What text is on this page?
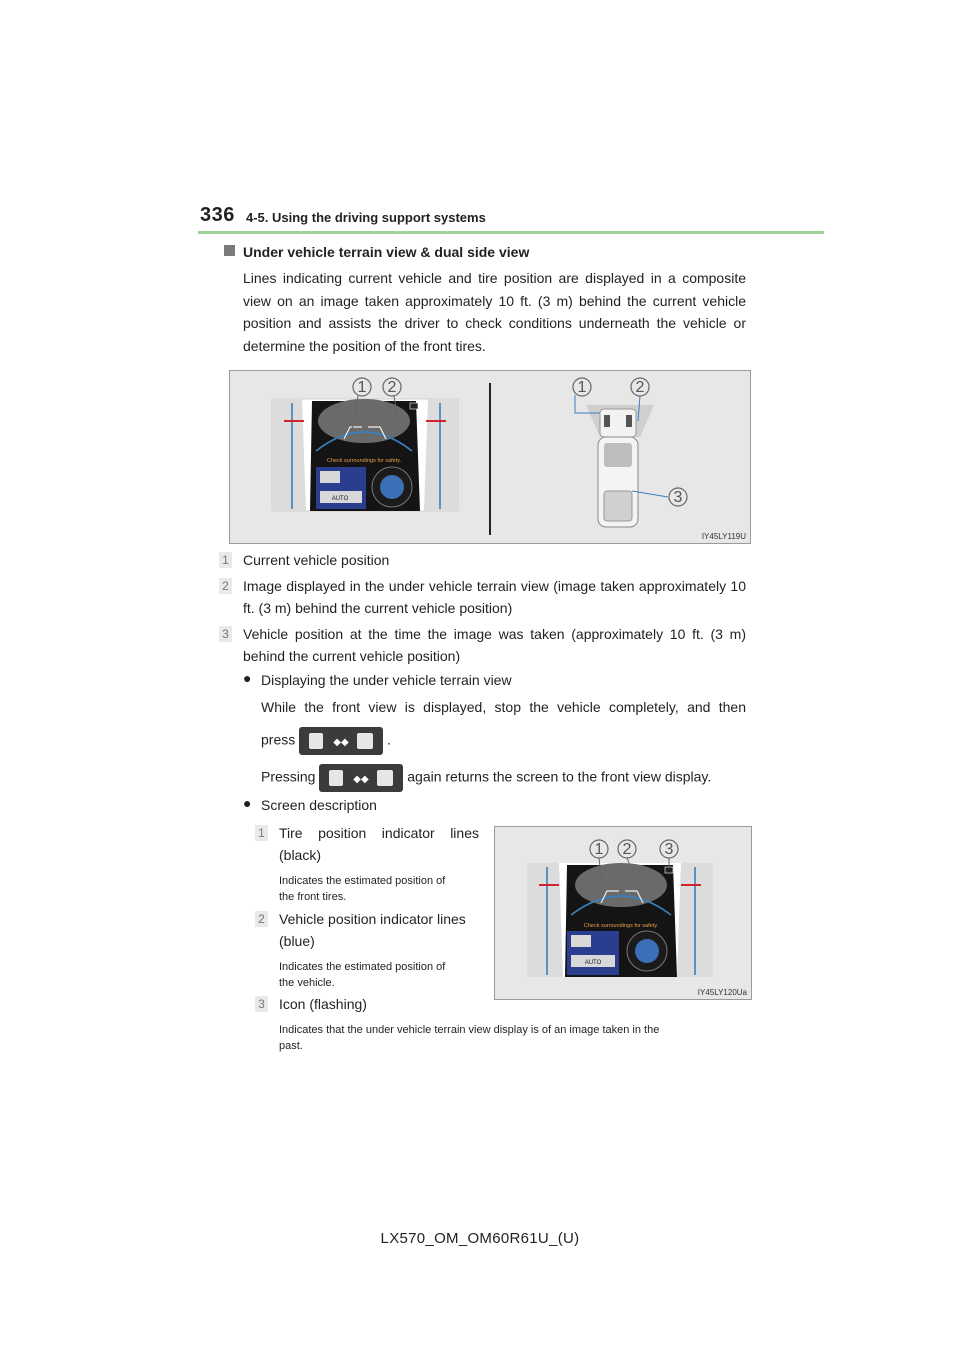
336 4-5. Using the driving support systems
Under vehicle terrain view & dual side view
Lines indicating current vehicle and tire position are displayed in a composite view on an image taken approximately 10 ft. (3 m) behind the current vehicle position and assists the driver to check conditions underneath the vehicle or determine the position of the front tires.
Check surroundings for safety.
AUTO
1 2	1	2
3
IY45LY119U
1 Current vehicle position
2 Image displayed in the under vehicle terrain view (image taken approximately 10 ft. (3 m) behind the current vehicle position)
3 Vehicle position at the time the image was taken (approximately 10 ft. (3 m) behind the current vehicle position)
● Displaying the under vehicle terrain view
While the front view is displayed, stop the vehicle completely, and then
press	◆◆	.
Pressing	◆◆	again returns the screen to the front view display.
● Screen description
1 Tire position indicator lines
(black)
Indicates the estimated position of
the front tires.
2 Vehicle position indicator lines
(blue)
Indicates the estimated position of
the vehicle.
3 Icon (flashing)
Indicates that the under vehicle terrain view display is of an image taken in the
past.
Check surroundings for safety.
AUTO
1 2 3
IY45LY120Ua
LX570_OM_OM60R61U_(U)
